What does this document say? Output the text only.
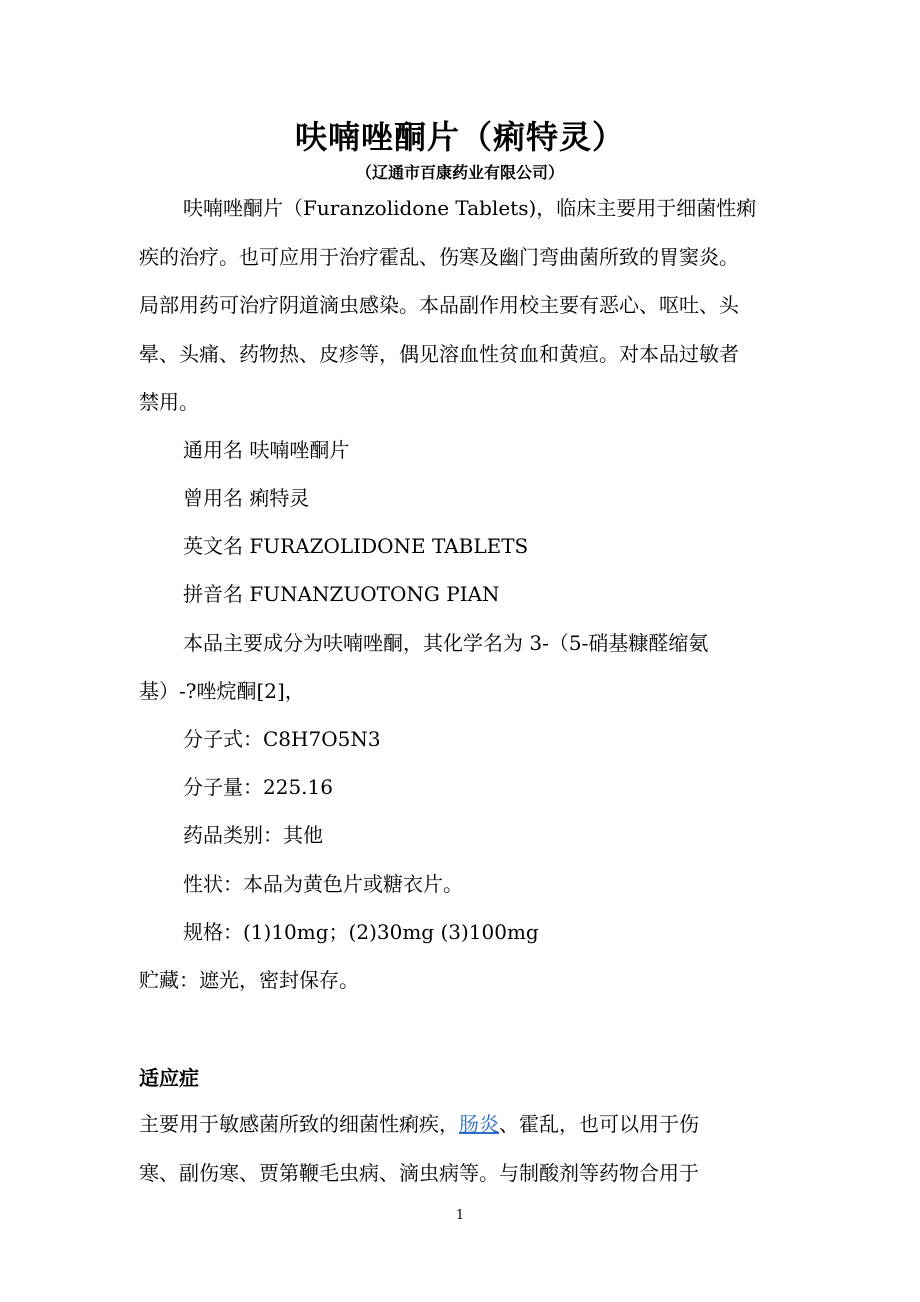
呋喃唑酮片（痢特灵）
（辽通市百康药业有限公司）
呋喃唑酮片（Furanzolidone Tablets)，临床主要用于细菌性痢
疾的治疗。也可应用于治疗霍乱、伤寒及幽门弯曲菌所致的胃窦炎。
局部用药可治疗阴道滴虫感染。本品副作用校主要有恶心、呕吐、头
晕、头痛、药物热、皮疹等，偶见溶血性贫血和黄疸。对本品过敏者
禁用。
通用名 呋喃唑酮片
曾用名 痢特灵
英文名 FURAZOLIDONE TABLETS
拼音名 FUNANZUOTONG PIAN
本品主要成分为呋喃唑酮，其化学名为 3-（5-硝基糠醛缩氨
基）-?唑烷酮[2]，
分子式：C8H7O5N3
分子量：225.16
药品类别：其他
性状：本品为黄色片或糖衣片。
规格：(1)10mg；(2)30mg (3)100mg
贮藏：遮光，密封保存。
适应症
主要用于敏感菌所致的细菌性痢疾，肠炎、霍乱，也可以用于伤
寒、副伤寒、贾第鞭毛虫病、滴虫病等。与制酸剂等药物合用于
1
